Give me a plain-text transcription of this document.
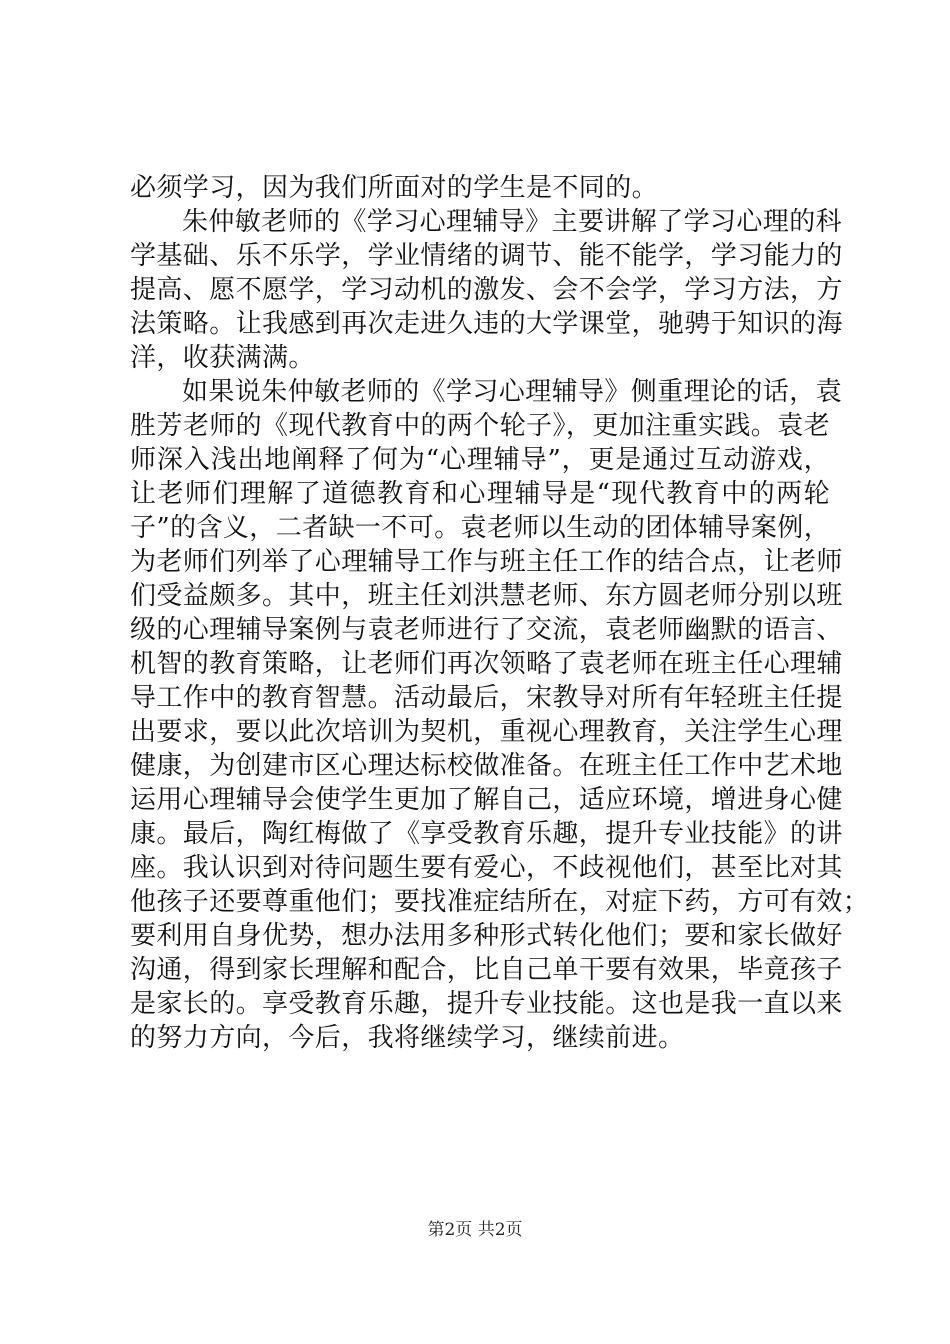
必须学习，因为我们所面对的学生是不同的。
朱仲敏老师的《学习心理辅导》主要讲解了学习心理的科
学基础、乐不乐学，学业情绪的调节、能不能学，学习能力的
提高、愿不愿学，学习动机的激发、会不会学，学习方法，方
法策略。让我感到再次走进久违的大学课堂，驰骋于知识的海
洋，收获满满。
如果说朱仲敏老师的《学习心理辅导》侧重理论的话，袁
胜芳老师的《现代教育中的两个轮子》，更加注重实践。袁老
师深入浅出地阐释了何为“心理辅导”，更是通过互动游戏，
让老师们理解了道德教育和心理辅导是“现代教育中的两轮
子”的含义，二者缺一不可。袁老师以生动的团体辅导案例，
为老师们列举了心理辅导工作与班主任工作的结合点，让老师
们受益颇多。其中，班主任刘洪慧老师、东方圆老师分别以班
级的心理辅导案例与袁老师进行了交流，袁老师幽默的语言、
机智的教育策略，让老师们再次领略了袁老师在班主任心理辅
导工作中的教育智慧。活动最后，宋教导对所有年轻班主任提
出要求，要以此次培训为契机，重视心理教育，关注学生心理
健康，为创建市区心理达标校做准备。在班主任工作中艺术地
运用心理辅导会使学生更加了解自己，适应环境，增进身心健
康。最后，陶红梅做了《享受教育乐趣，提升专业技能》的讲
座。我认识到对待问题生要有爱心，不歧视他们，甚至比对其
他孩子还要尊重他们；要找准症结所在，对症下药，方可有效；
要利用自身优势，想办法用多种形式转化他们；要和家长做好
沟通，得到家长理解和配合，比自己单干要有效果，毕竟孩子
是家长的。享受教育乐趣，提升专业技能。这也是我一直以来
的努力方向，今后，我将继续学习，继续前进。
第2页 共2页
